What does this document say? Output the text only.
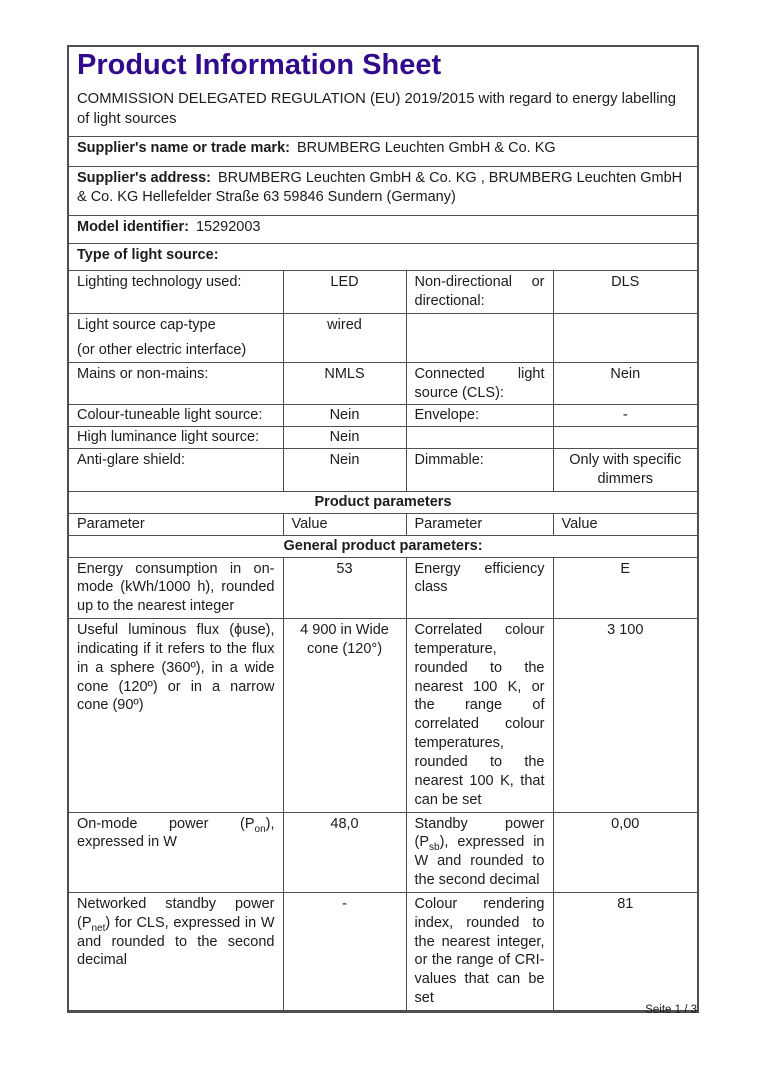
Product Information Sheet

COMMISSION DELEGATED REGULATION (EU) 2019/2015 with regard to energy labelling of light sources

Supplier's name or trade mark: BRUMBERG Leuchten GmbH & Co. KG			
Supplier's address: BRUMBERG Leuchten GmbH & Co. KG , BRUMBERG Leuchten GmbH & Co. KG Hellefelder Straße 63 59846 Sundern (Germany)			
Model identifier: 15292003			
Type of light source:			

Lighting technology used:	LED	Non-directional or directional:	DLS

Light source cap-type
(or other electric interface)	wired	

Mains or non-mains:	NMLS	Connected light source (CLS):	Nein

Colour-tuneable light source:	Nein	Envelope:	-

High luminance light source:	Nein	

Anti-glare shield:	Nein	Dimmable:	Only with specific dimmers
Product parameters			
Parameter	Value	Parameter	Value
General product parameters:			

Energy consumption in on-mode (kWh/1000 h), rounded up to the nearest integer	53	Energy efficiency class	E

Useful luminous flux (ϕuse), indicating if it refers to the flux in a sphere (360º), in a wide cone (120º) or in a narrow cone (90º)	4 900 in Wide cone (120°)	Correlated colour temperature, rounded to the nearest 100 K, or the range of correlated colour temperatures, rounded to the nearest 100 K, that can be set	3 100

On-mode power $(P_{on})$, expressed in W	48,0	Standby power $(P_{sb})$, expressed in W and rounded to the second decimal	0,00

Networked standby power $(P_{net})$ for CLS, expressed in W and rounded to the second decimal	-	Colour rendering index, rounded to the nearest integer, or the range of CRI-values that can be set	81
Seite 1 / 3
